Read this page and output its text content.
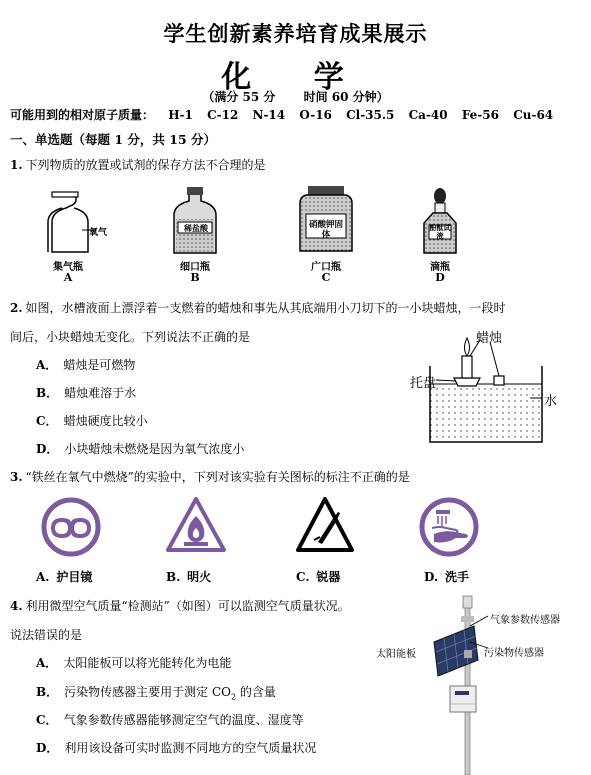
学生创新素养培育成果展示
化 学
（满分 55 分 时间 60 分钟）
可能用到的相对原子质量： H-1 C-12 N-14 O-16 Cl-35.5 Ca-40 Fe-56 Cu-64
一、单选题（每题 1 分，共 15 分）
1. 下列物质的放置或试剂的保存方法不合理的是
氧气
集气瓶
A
稀盐酸
细口瓶
B
硝酸钾固体
广口瓶
C
酚酞试液
滴瓶
D
2. 如图，水槽液面上漂浮着一支燃着的蜡烛和事先从其底端用小刀切下的一小块蜡烛，一段时
间后，小块蜡烛无变化。下列说法不正确的是
A． 蜡烛是可燃物
B． 蜡烛难溶于水
C． 蜡烛硬度比较小
D． 小块蜡烛未燃烧是因为氧气浓度小
蜡烛
托盘
水
3. “铁丝在氧气中燃烧”的实验中，下列对该实验有关图标的标注不正确的是
A. 护目镜	B. 明火	C. 锐器	D. 洗手
4. 利用微型空气质量“检测站”（如图）可以监测空气质量状况。
说法错误的是
A． 太阳能板可以将光能转化为电能
B． 污染物传感器主要用于测定 $CO_2$ 的含量
C． 气象参数传感器能够测定空气的温度、湿度等
D． 利用该设备可实时监测不同地方的空气质量状况
气象参数传感器
太阳能板	污染物传感器
